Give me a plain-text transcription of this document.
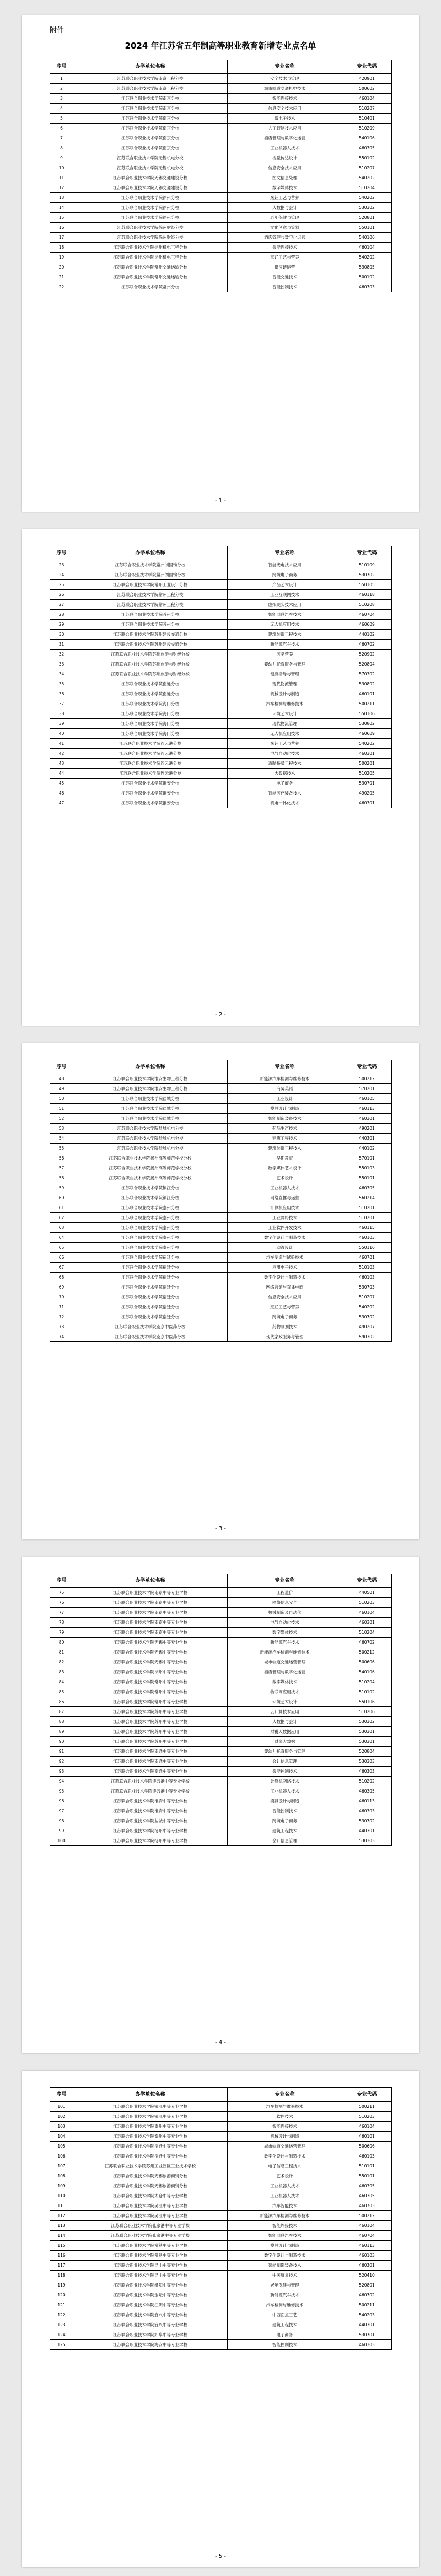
附件
2024 年江苏省五年制高等职业教育新增专业点名单
序号	办学单位名称	专业名称	专业代码
1	江苏联合职业技术学院南京工程分校	安全技术与管理	420901
2	江苏联合职业技术学院南京工程分校	城市轨道交通机电技术	500602
3	江苏联合职业技术学院南京分校	智能焊接技术	460104
4	江苏联合职业技术学院南京分校	信息安全技术应用	510207
5	江苏联合职业技术学院南京分校	微电子技术	510401
6	江苏联合职业技术学院南京分校	人工智能技术应用	510209
7	江苏联合职业技术学院南京分校	酒店管理与数字化运营	540106
8	江苏联合职业技术学院南京分校	工业机器人技术	460305
9	江苏联合职业技术学院无锡机电分校	视觉传达设计	550102
10	江苏联合职业技术学院无锡机电分校	信息安全技术应用	510207
11	江苏联合职业技术学院无锡交通建设分校	图文信息处理	540202
12	江苏联合职业技术学院无锡交通建设分校	数字媒体技术	510204
13	江苏联合职业技术学院徐州分校	烹饪工艺与营养	540202
14	江苏联合职业技术学院徐州分校	大数据与会计	530302
15	江苏联合职业技术学院徐州分校	老年保健与管理	520801
16	江苏联合职业技术学院徐州财经分校	文化创意与策划	550101
17	江苏联合职业技术学院徐州财经分校	酒店管理与数字化运营	540106
18	江苏联合职业技术学院徐州机电工程分校	智能焊接技术	460104
19	江苏联合职业技术学院徐州机电工程分校	烹饪工艺与营养	540202
20	江苏联合职业技术学院常州交通运输分校	供应链运营	530805
21	江苏联合职业技术学院常州交通运输分校	智能交通技术	500102
22	江苏联合职业技术学院常州分校	智能控制技术	460303
- 1 -
序号	办学单位名称	专业名称	专业代码
23	江苏联合职业技术学院常州刘国钧分校	智能光电技术应用	510109
24	江苏联合职业技术学院常州刘国钧分校	跨境电子商务	530702
25	江苏联合职业技术学院常州工业设计分校	产品艺术设计	550105
26	江苏联合职业技术学院常州工程分校	工业互联网技术	460118
27	江苏联合职业技术学院常州工程分校	虚拟现实技术应用	510208
28	江苏联合职业技术学院苏州分校	智能网联汽车技术	460704
29	江苏联合职业技术学院苏州分校	无人机应用技术	460609
30	江苏联合职业技术学院苏州建设交通分校	建筑装饰工程技术	440102
31	江苏联合职业技术学院苏州建设交通分校	新能源汽车技术	460702
32	江苏联合职业技术学院苏州旅游与财经分校	医学营养	520902
33	江苏联合职业技术学院苏州旅游与财经分校	婴幼儿托育服务与管理	520804
34	江苏联合职业技术学院苏州旅游与财经分校	健身指导与管理	570302
35	江苏联合职业技术学院南通分校	现代物流管理	530802
36	江苏联合职业技术学院南通分校	机械设计与制造	460101
37	江苏联合职业技术学院海门分校	汽车检测与维修技术	500211
38	江苏联合职业技术学院海门分校	环境艺术设计	550106
39	江苏联合职业技术学院海门分校	现代物流管理	530802
40	江苏联合职业技术学院海门分校	无人机应用技术	460609
41	江苏联合职业技术学院连云港分校	烹饪工艺与营养	540202
42	江苏联合职业技术学院连云港分校	电气自动化技术	460301
43	江苏联合职业技术学院连云港分校	道路桥梁工程技术	500201
44	江苏联合职业技术学院连云港分校	大数据技术	510205
45	江苏联合职业技术学院淮安分校	电子商务	530701
46	江苏联合职业技术学院淮安分校	智能医疗装备技术	490205
47	江苏联合职业技术学院淮安分校	机电一体化技术	460301
- 2 -
序号	办学单位名称	专业名称	专业代码
48	江苏联合职业技术学院淮安生物工程分校	新能源汽车检测与维修技术	500212
49	江苏联合职业技术学院淮安生物工程分校	商务英语	570201
50	江苏联合职业技术学院盐城分校	工业设计	460105
51	江苏联合职业技术学院盐城分校	模具设计与制造	460113
52	江苏联合职业技术学院盐城分校	智能制造装备技术	460301
53	江苏联合职业技术学院盐城机电分校	药品生产技术	490201
54	江苏联合职业技术学院盐城机电分校	建筑工程技术	440301
55	江苏联合职业技术学院盐城机电分校	建筑装饰工程技术	440102
56	江苏联合职业技术学院扬州高等师范学校分校	早期教育	570101
57	江苏联合职业技术学院扬州高等师范学校分校	数字媒体艺术设计	550103
58	江苏联合职业技术学院扬州高等师范学校分校	艺术设计	550101
59	江苏联合职业技术学院镇江分校	工业机器人技术	460305
60	江苏联合职业技术学院镇江分校	网络直播与运营	560214
61	江苏联合职业技术学院泰州分校	计算机应用技术	510201
62	江苏联合职业技术学院泰州分校	工业网络技术	510201
63	江苏联合职业技术学院泰州分校	工业软件开发技术	460115
64	江苏联合职业技术学院泰州分校	数字化设计与制造技术	460103
65	江苏联合职业技术学院泰州分校	动漫设计	550116
66	江苏联合职业技术学院宿迁分校	汽车制造与试验技术	460701
67	江苏联合职业技术学院宿迁分校	应用电子技术	510103
68	江苏联合职业技术学院宿迁分校	数字化设计与制造技术	460103
69	江苏联合职业技术学院宿迁分校	网络营销与直播电商	530703
70	江苏联合职业技术学院宿迁分校	信息安全技术应用	510207
71	江苏联合职业技术学院宿迁分校	烹饪工艺与营养	540202
72	江苏联合职业技术学院宿迁分校	跨境电子商务	530702
73	江苏联合职业技术学院南京中医药分校	药物制剂技术	490207
74	江苏联合职业技术学院南京中医药分校	现代家政服务与管理	590302
- 3 -
序号	办学单位名称	专业名称	专业代码
75	江苏联合职业技术学院南京中等专业学校	工程造价	440501
76	江苏联合职业技术学院南京中等专业学校	网络信息安全	510203
77	江苏联合职业技术学院南京中等专业学校	机械制造及自动化	460104
78	江苏联合职业技术学院南京中等专业学校	电气自动化技术	460301
79	江苏联合职业技术学院南京中等专业学校	数字媒体技术	510204
80	江苏联合职业技术学院无锡中等专业学校	新能源汽车技术	460702
81	江苏联合职业技术学院无锡中等专业学校	新能源汽车检测与维修技术	500212
82	江苏联合职业技术学院无锡中等专业学校	城市轨道交通运营管理	500606
83	江苏联合职业技术学院徐州中等专业学校	酒店管理与数字化运营	540106
84	江苏联合职业技术学院常州中等专业学校	数字媒体技术	510204
85	江苏联合职业技术学院常州中等专业学校	物联网应用技术	510102
86	江苏联合职业技术学院常州中等专业学校	环境艺术设计	550106
87	江苏联合职业技术学院苏州中等专业学校	云计算技术应用	510206
88	江苏联合职业技术学院苏州中等专业学校	大数据与会计	530302
89	江苏联合职业技术学院苏州中等专业学校	财税大数据应用	530301
90	江苏联合职业技术学院苏州中等专业学校	财务大数据	530301
91	江苏联合职业技术学院南通中等专业学校	婴幼儿托育服务与管理	520804
92	江苏联合职业技术学院南通中等专业学校	会计信息管理	530303
93	江苏联合职业技术学院南通中等专业学校	智能控制技术	460303
94	江苏联合职业技术学院连云港中等专业学校	计算机网络技术	510202
95	江苏联合职业技术学院连云港中等专业学校	工业机器人技术	460305
96	江苏联合职业技术学院淮安中等专业学校	模具设计与制造	460113
97	江苏联合职业技术学院淮安中等专业学校	智能控制技术	460303
98	江苏联合职业技术学院盐城中等专业学校	跨境电子商务	530702
99	江苏联合职业技术学院扬州中等专业学校	建筑工程技术	440301
100	江苏联合职业技术学院扬州中等专业学校	会计信息管理	530303
- 4 -
序号	办学单位名称	专业名称	专业代码
101	江苏联合职业技术学院镇江中等专业学校	汽车检测与维修技术	500211
102	江苏联合职业技术学院镇江中等专业学校	软件技术	510203
103	江苏联合职业技术学院泰州中等专业学校	智能焊接技术	460104
104	江苏联合职业技术学院泰州中等专业学校	机械设计与制造	460101
105	江苏联合职业技术学院宿迁中等专业学校	城市轨道交通运营管理	500606
106	江苏联合职业技术学院宿迁中等专业学校	数字化设计与制造技术	460103
107	江苏联合职业技术学院苏州工业园区工业技术学校	电子信息工程技术	510101
108	江苏联合职业技术学院无锡旅游商贸分校	艺术设计	550101
109	江苏联合职业技术学院无锡旅游商贸分校	工业机器人技术	460305
110	江苏联合职业技术学院太仓中等专业学校	工业机器人技术	460305
111	江苏联合职业技术学院吴江中等专业学校	汽车智能技术	460703
112	江苏联合职业技术学院吴江中等专业学校	新能源汽车检测与维修技术	500212
113	江苏联合职业技术学院张家港中等专业学校	智能焊接技术	460104
114	江苏联合职业技术学院张家港中等专业学校	智能网联汽车技术	460704
115	江苏联合职业技术学院常熟中等专业学校	模具设计与制造	460113
116	江苏联合职业技术学院常熟中等专业学校	数字化设计与制造技术	460103
117	江苏联合职业技术学院昆山中等专业学校	智能制造装备技术	460301
118	江苏联合职业技术学院昆山中等专业学校	中医康复技术	520410
119	江苏联合职业技术学院溧阳中等专业学校	老年保健与管理	520801
120	江苏联合职业技术学院金坛中等专业学校	新能源汽车技术	460702
121	江苏联合职业技术学院江阴中等专业学校	汽车检测与维修技术	500211
122	江苏联合职业技术学院宜兴中等专业学校	中西面点工艺	540203
123	江苏联合职业技术学院宜兴中等专业学校	建筑工程技术	440301
124	江苏联合职业技术学院如皋中等专业学校	电子商务	530701
125	江苏联合职业技术学院海安中等专业学校	智能控制技术	460303
- 5 -
